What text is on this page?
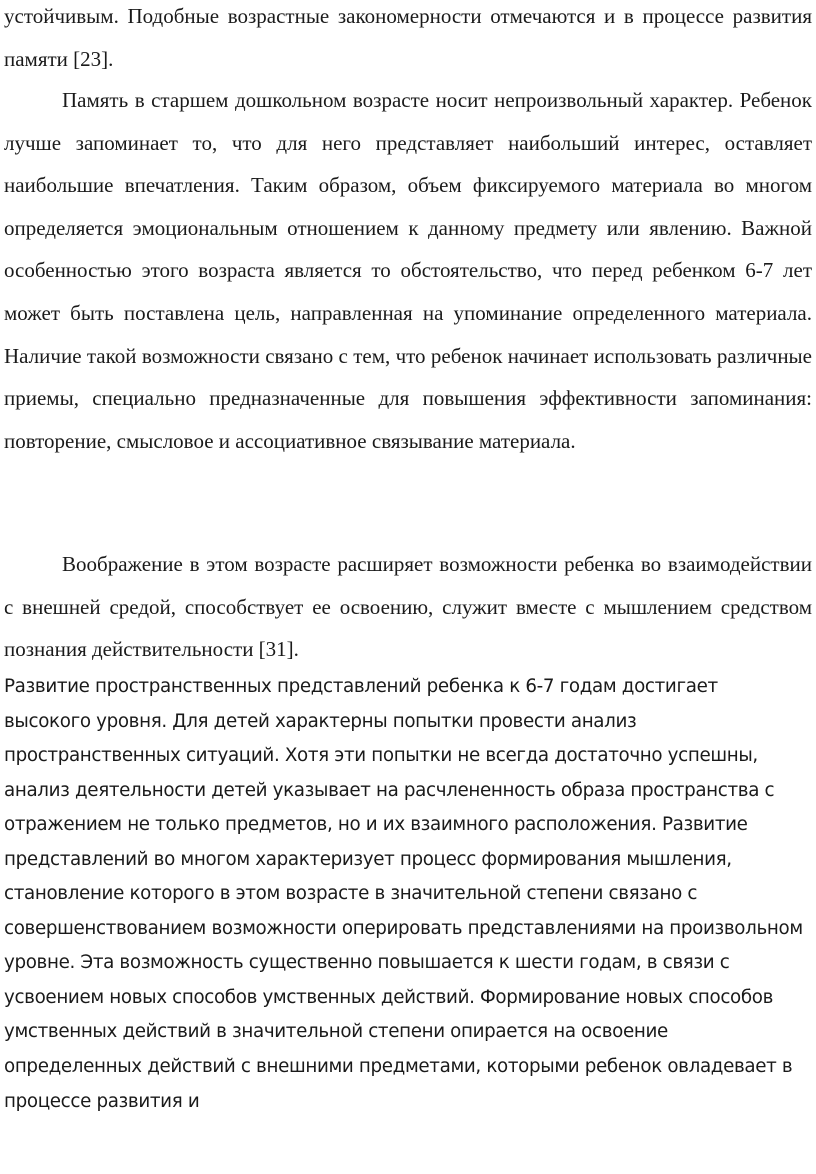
устойчивым. Подобные возрастные закономерности отмечаются и в процессе развития памяти [23].

Память в старшем дошкольном возрасте носит непроизвольный характер. Ребенок лучше запоминает то, что для него представляет наибольший интерес, оставляет наибольшие впечатления. Таким образом, объем фиксируемого материала во многом определяется эмоциональным отношением к данному предмету или явлению. Важной особенностью этого возраста является то обстоятельство, что перед ребенком 6-7 лет может быть поставлена цель, направленная на упоминание определенного материала. Наличие такой возможности связано с тем, что ребенок начинает использовать различные приемы, специально предназначенные для повышения эффективности запоминания: повторение, смысловое и ассоциативное связывание материала.

Воображение в этом возрасте расширяет возможности ребенка во взаимодействии с внешней средой, способствует ее освоению, служит вместе с мышлением средством познания действительности [31].

Развитие пространственных представлений ребенка к 6-7 годам достигает высокого уровня. Для детей характерны попытки провести анализ пространственных ситуаций. Хотя эти попытки не всегда достаточно успешны, анализ деятельности детей указывает на расчлененность образа пространства с отражением не только предметов, но и их взаимного расположения. Развитие представлений во многом характеризует процесс формирования мышления, становление которого в этом возрасте в значительной степени связано с совершенствованием возможности оперировать представлениями на произвольном уровне. Эта возможность существенно повышается к шести годам, в связи с усвоением новых способов умственных действий. Формирование новых способов умственных действий в значительной степени опирается на освоение определенных действий с внешними предметами, которыми ребенок овладевает в процессе развития и
